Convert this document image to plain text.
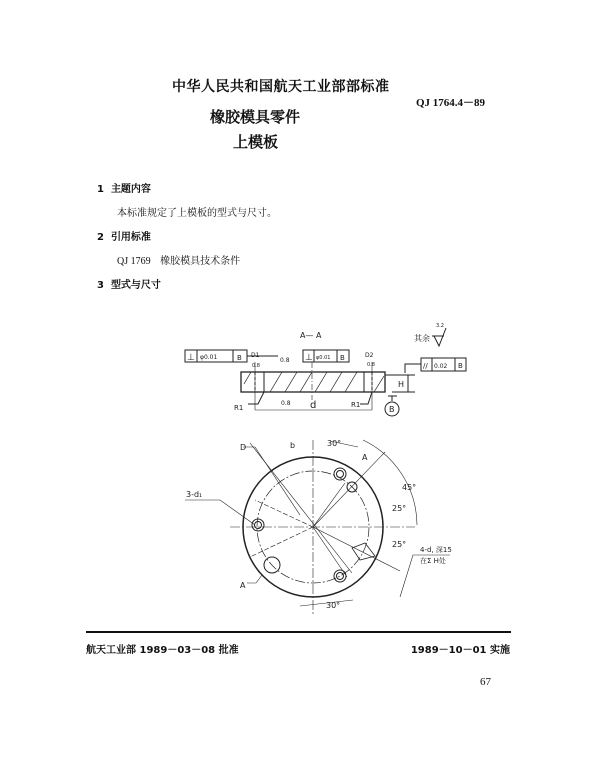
中华人民共和国航天工业部部标准
QJ 1764.4－89
橡胶模具零件
上模板
1 主题内容
本标准规定了上模板的型式与尺寸。
2 引用标准
QJ 1769 橡胶模具技术条件
3 型式与尺寸
A— A	其余
3.2
⊥ φ0.01	B	⊥ φ0.01 B
// 0.02 B
H
B
d
D1	D2
0.8
0.8
0.8	0.8
R1	R1
D	b	30°
30°
45°
25°
25°
3-d₁
4-d, 深15
在Σ H处
A
A
航天工业部 1989－03－08 批准	1989－10－01 实施
67
